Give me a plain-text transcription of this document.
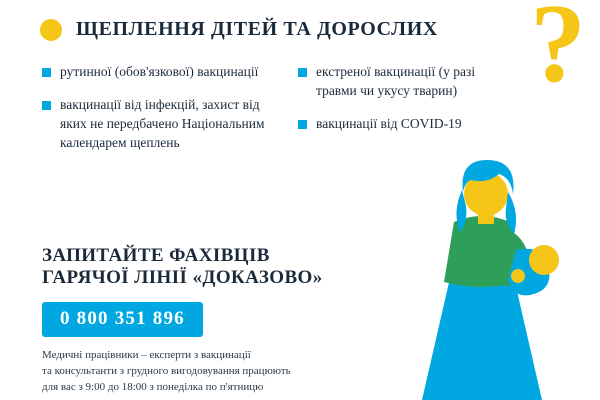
?
ЩЕПЛЕННЯ ДІТЕЙ ТА ДОРОСЛИХ
рутинної (обов'язкової) вакцинації
вакцинації від інфекцій, захист від яких не передбачено Національним календарем щеплень
екстреної вакцинації (у разі травми чи укусу тварин)
вакцинації від COVID-19
ЗАПИТАЙТЕ ФАХІВЦІВ
ГАРЯЧОЇ ЛІНІЇ «ДОКАЗОВО»
0 800 351 896
Медичні працівники – експерти з вакцинації
та консультанти з грудного вигодовування працюють
для вас з 9:00 до 18:00 з понеділка по п'ятницю
